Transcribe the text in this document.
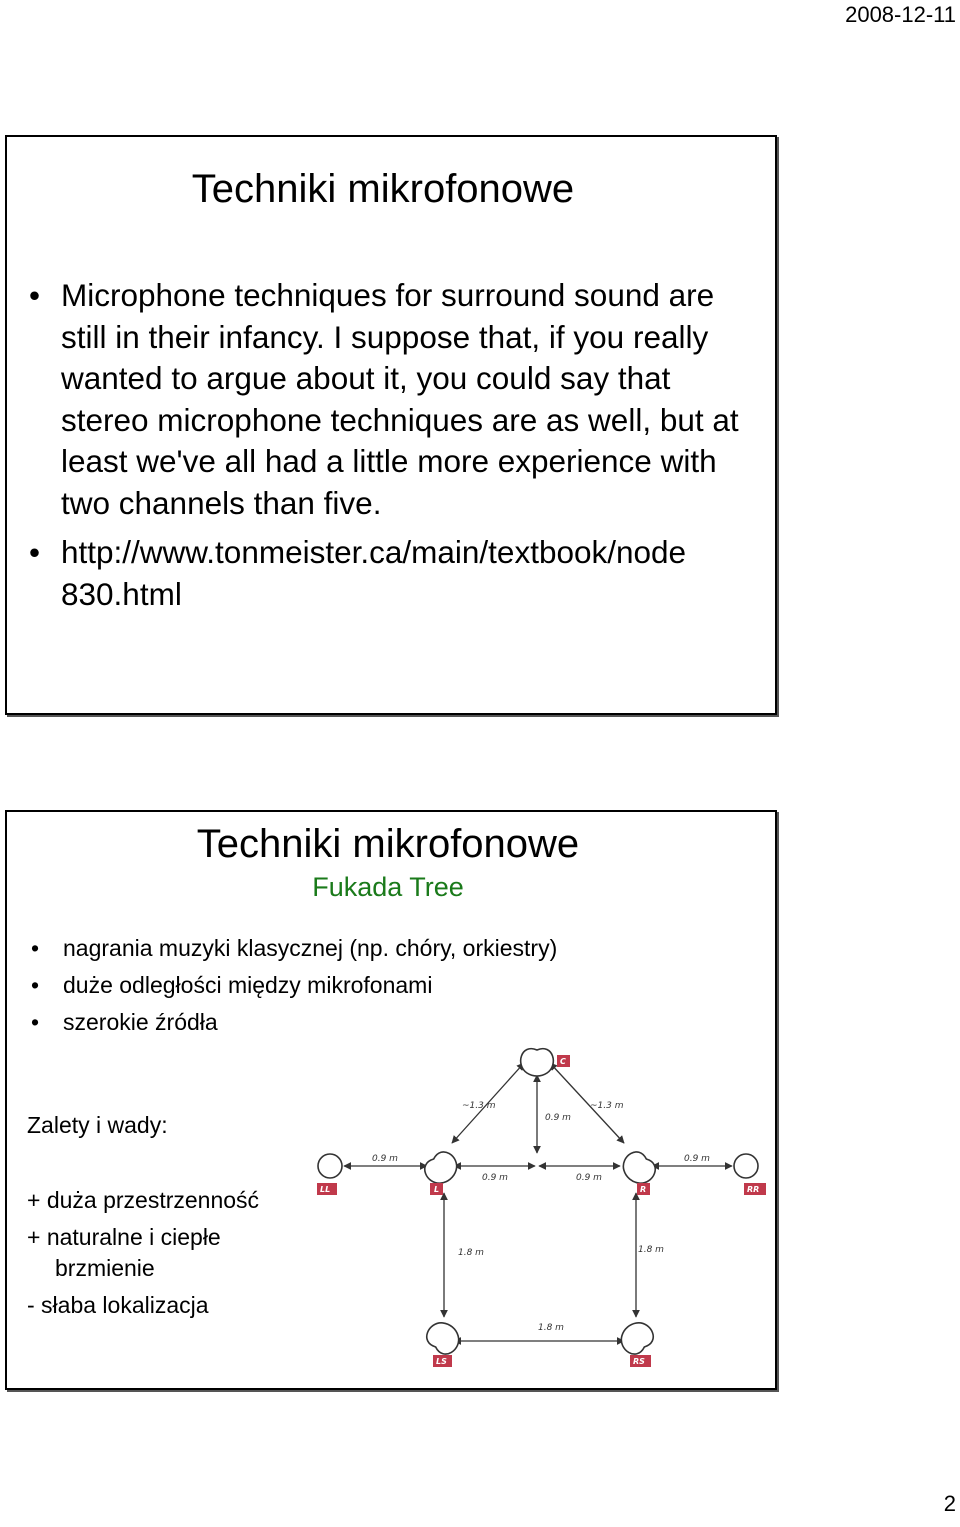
2008-12-11
Techniki mikrofonowe
• Microphone techniques for surround sound are still in their infancy. I suppose that, if you really wanted to argue about it, you could say that stereo microphone techniques are as well, but at least we've all had a little more experience with two channels than five.
• http://www.tonmeister.ca/main/textbook/node 830.html
Techniki mikrofonowe
Fukada Tree
• nagrania muzyki klasycznej (np. chóry, orkiestry)
• duże odległości między mikrofonami
• szerokie źródła
Zalety i wady:
+ duża przestrzenność
+ naturalne i ciepłe
brzmienie
- słaba lokalizacja
~1.3 m	~1.3 m
0.9 m
0.9 m	0.9 m
0.9 m	0.9 m
1.8 m	1.8 m
1.8 m
C
LL	L	R	RR
LS	RS
2
